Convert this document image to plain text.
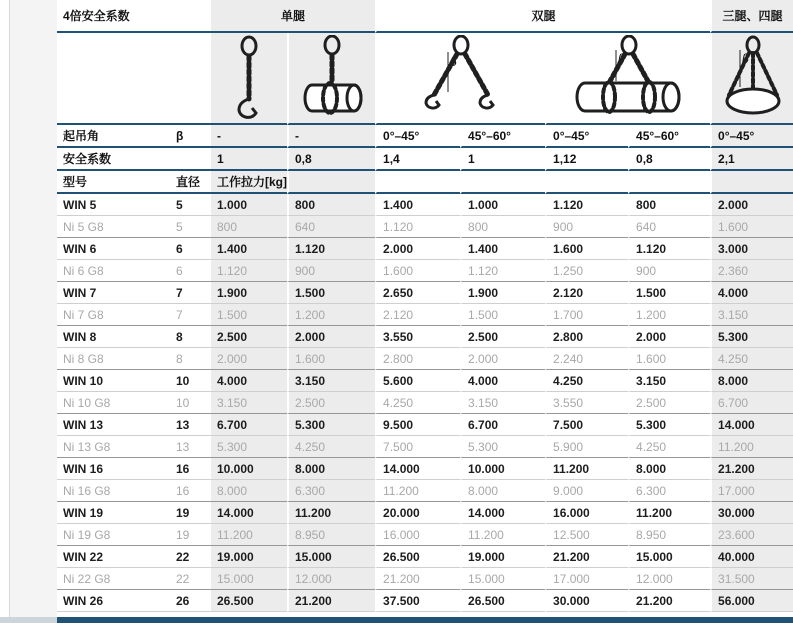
4倍安全系数		单腿		双腿				三腿、四腿

β		β		β

起吊角	β	-	-	0°–45°	45°–60°	0°–45°	45°–60°	0°–45°
安全系数		1	0,8	1,4	1	1,12	0,8	2,1
型号	直径	工作拉力[kg]						
WIN 5	5	1.000	800	1.400	1.000	1.120	800	2.000
Ni 5 G8	5	800	640	1.120	800	900	640	1.600
WIN 6	6	1.400	1.120	2.000	1.400	1.600	1.120	3.000
Ni 6 G8	6	1.120	900	1.600	1.120	1.250	900	2.360
WIN 7	7	1.900	1.500	2.650	1.900	2.120	1.500	4.000
Ni 7 G8	7	1.500	1.200	2.120	1.500	1.700	1.200	3.150
WIN 8	8	2.500	2.000	3.550	2.500	2.800	2.000	5.300
Ni 8 G8	8	2.000	1.600	2.800	2.000	2.240	1.600	4.250
WIN 10	10	4.000	3.150	5.600	4.000	4.250	3.150	8.000
Ni 10 G8	10	3.150	2.500	4.250	3.150	3.550	2.500	6.700
WIN 13	13	6.700	5.300	9.500	6.700	7.500	5.300	14.000
Ni 13 G8	13	5.300	4.250	7.500	5.300	5.900	4.250	11.200
WIN 16	16	10.000	8.000	14.000	10.000	11.200	8.000	21.200
Ni 16 G8	16	8.000	6.300	11.200	8.000	9.000	6.300	17.000
WIN 19	19	14.000	11.200	20.000	14.000	16.000	11.200	30.000
Ni 19 G8	19	11.200	8.950	16.000	11.200	12.500	8.950	23.600
WIN 22	22	19.000	15.000	26.500	19.000	21.200	15.000	40.000
Ni 22 G8	22	15.000	12.000	21.200	15.000	17.000	12.000	31.500
WIN 26	26	26.500	21.200	37.500	26.500	30.000	21.200	56.000
